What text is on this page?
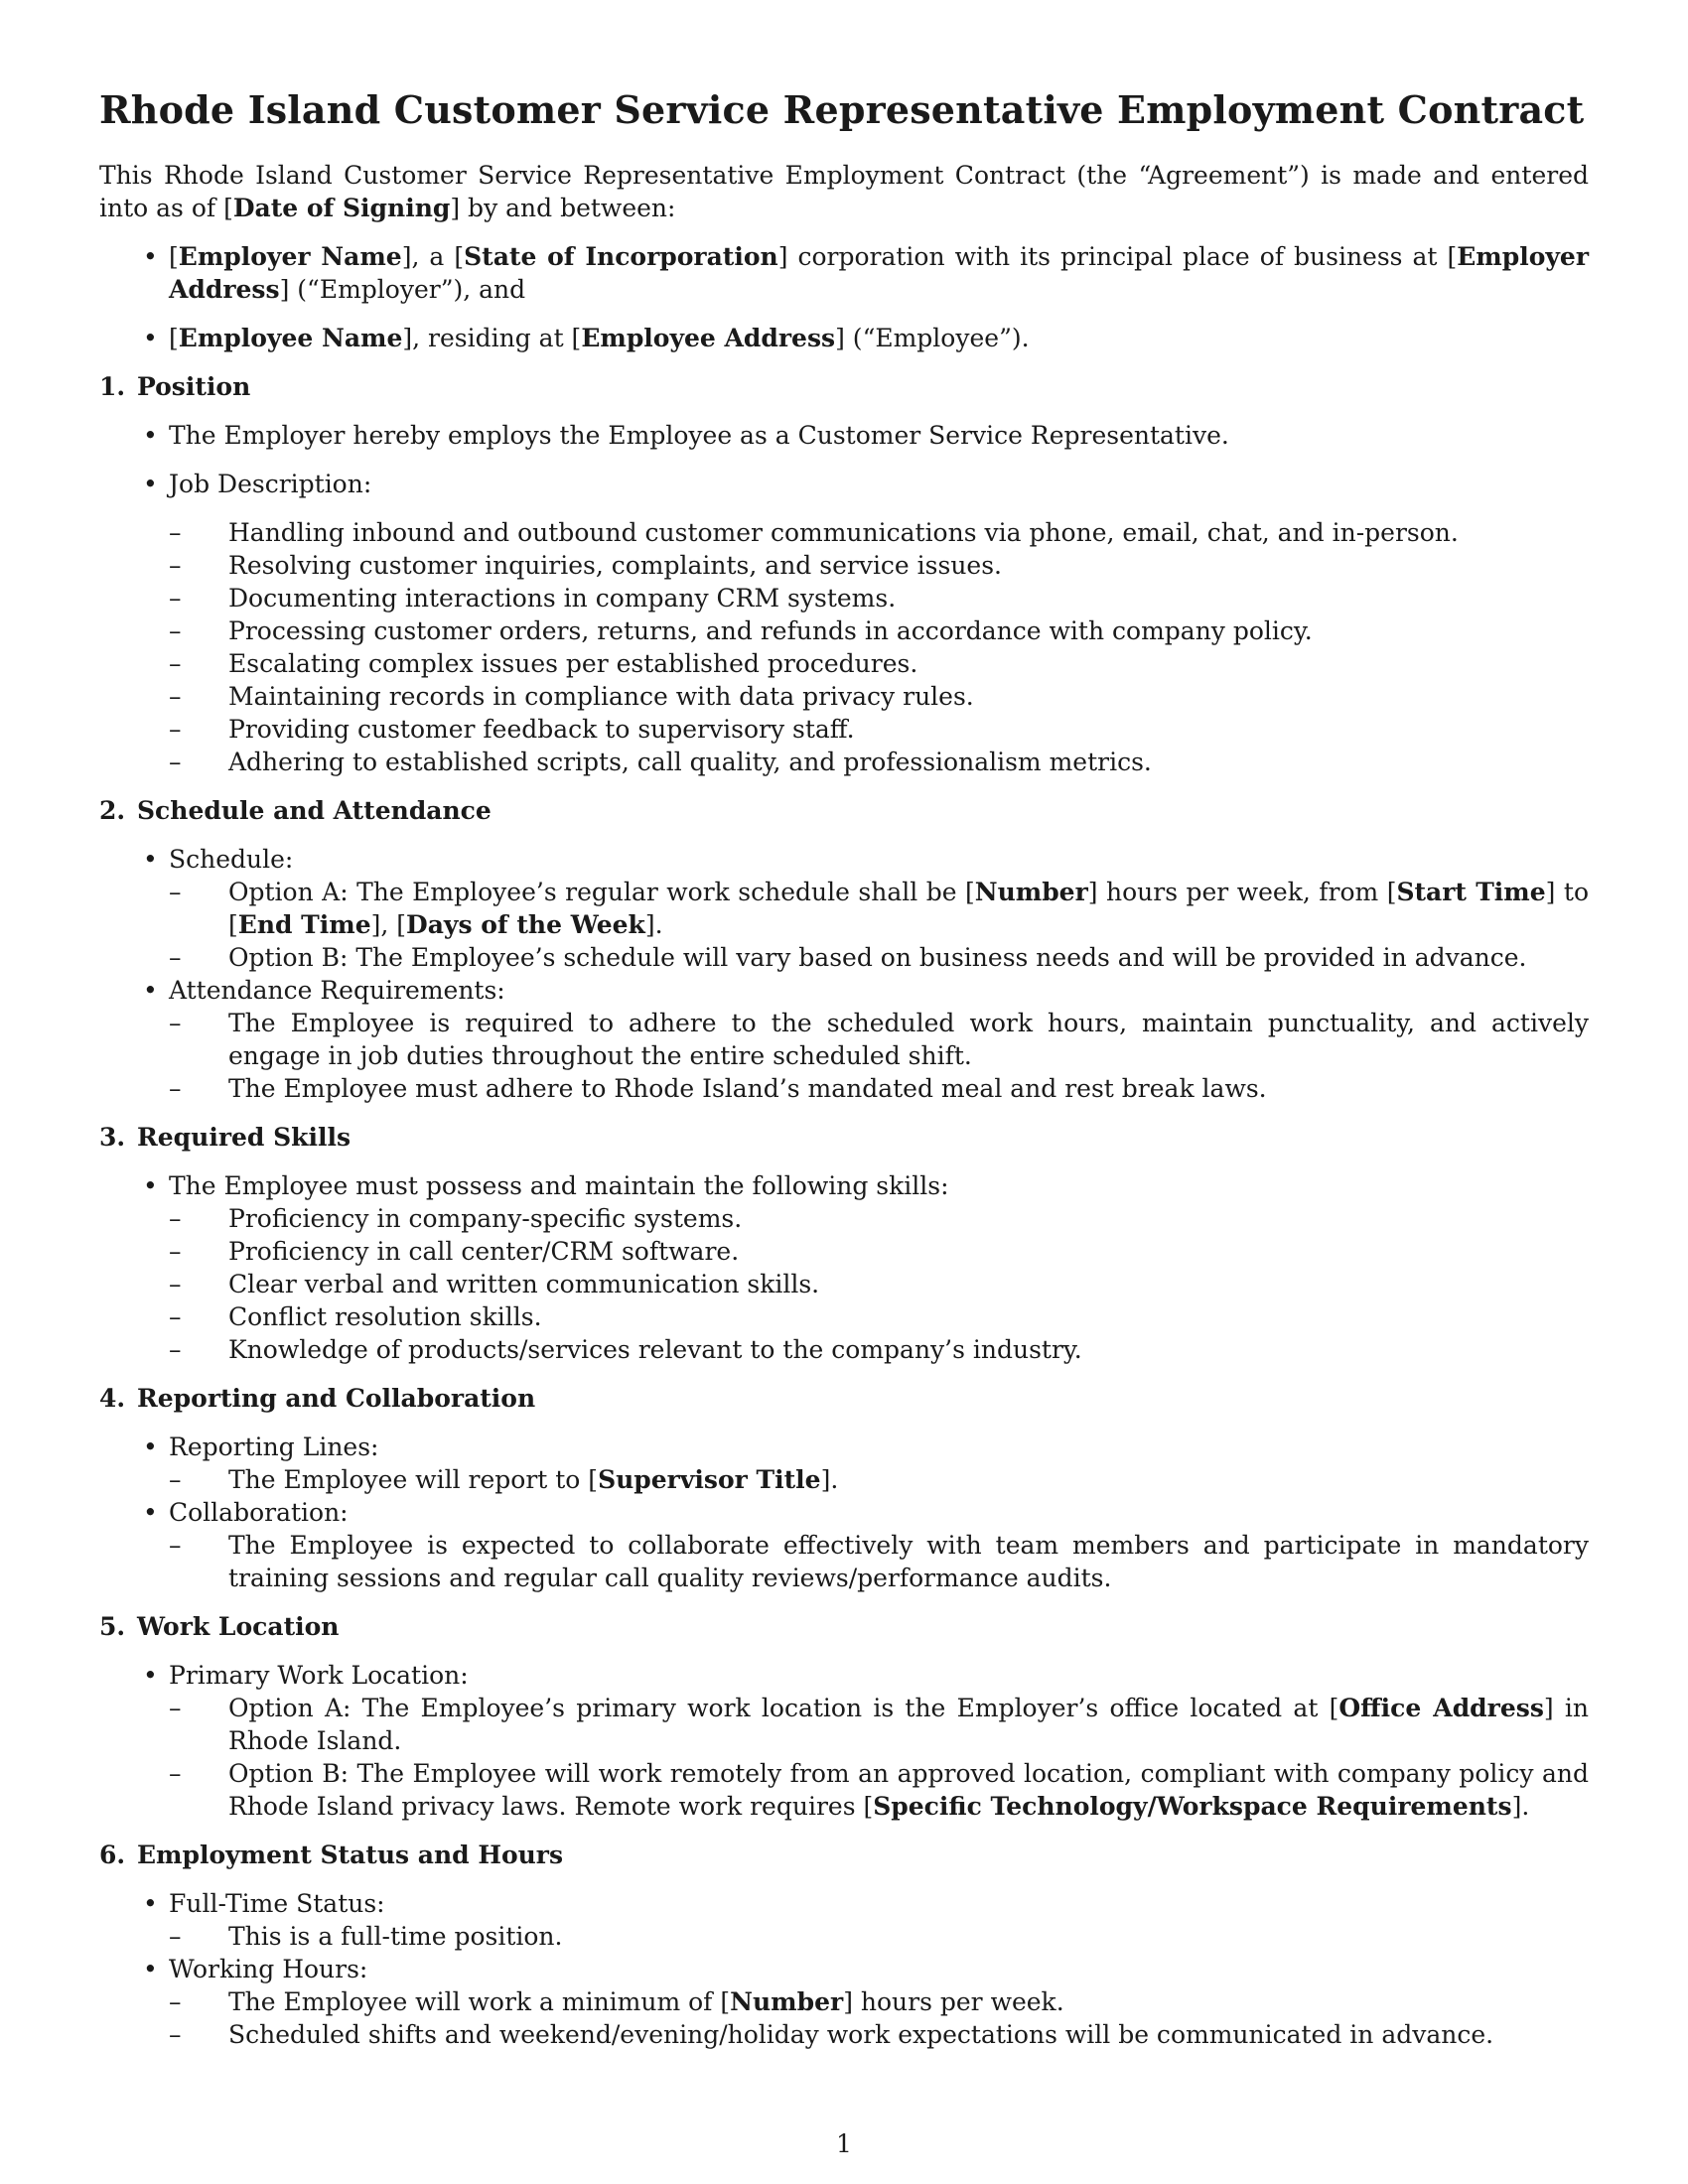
Rhode Island Customer Service Representative Employment Contract

This Rhode Island Customer Service Representative Employment Contract (the “Agreement”) is made and entered into as of [Date of Signing] by and between:

• [Employer Name], a [State of Incorporation] corporation with its principal place of business at [Employer Address] (“Employer”), and
• [Employee Name], residing at [Employee Address] (“Employee”).
1. Position
• The Employer hereby employs the Employee as a Customer Service Representative.
• Job Description:
– Handling inbound and outbound customer communications via phone, email, chat, and in-person.
– Resolving customer inquiries, complaints, and service issues.
– Documenting interactions in company CRM systems.
– Processing customer orders, returns, and refunds in accordance with company policy.
– Escalating complex issues per established procedures.
– Maintaining records in compliance with data privacy rules.
– Providing customer feedback to supervisory staff.
– Adhering to established scripts, call quality, and professionalism metrics.
2. Schedule and Attendance
• Schedule:
– Option A: The Employee’s regular work schedule shall be [Number] hours per week, from [Start Time] to [End Time], [Days of the Week].
– Option B: The Employee’s schedule will vary based on business needs and will be provided in advance.
• Attendance Requirements:
– The Employee is required to adhere to the scheduled work hours, maintain punctuality, and actively engage in job duties throughout the entire scheduled shift.
– The Employee must adhere to Rhode Island’s mandated meal and rest break laws.
3. Required Skills
• The Employee must possess and maintain the following skills:
– Proficiency in company-specific systems.
– Proficiency in call center/CRM software.
– Clear verbal and written communication skills.
– Conflict resolution skills.
– Knowledge of products/services relevant to the company’s industry.
4. Reporting and Collaboration
• Reporting Lines:
– The Employee will report to [Supervisor Title].
• Collaboration:
– The Employee is expected to collaborate effectively with team members and participate in mandatory training sessions and regular call quality reviews/performance audits.
5. Work Location
• Primary Work Location:
– Option A: The Employee’s primary work location is the Employer’s office located at [Office Address] in Rhode Island.
– Option B: The Employee will work remotely from an approved location, compliant with company policy and Rhode Island privacy laws. Remote work requires [Specific Technology/Workspace Requirements].
6. Employment Status and Hours
• Full-Time Status:
– This is a full-time position.
• Working Hours:
– The Employee will work a minimum of [Number] hours per week.
– Scheduled shifts and weekend/evening/holiday work expectations will be communicated in advance.
1
